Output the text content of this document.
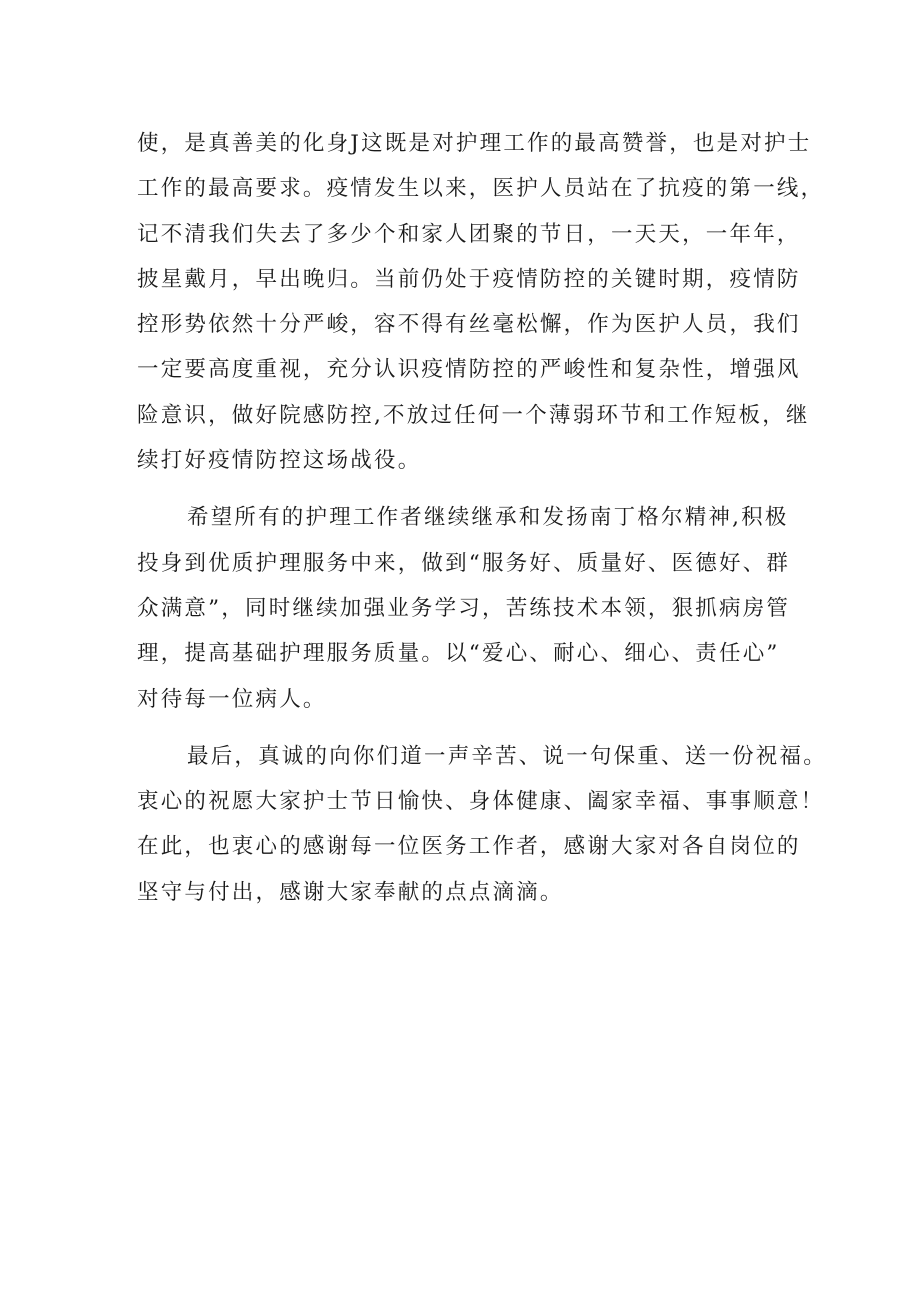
使，是真善美的化身J这既是对护理工作的最高赞誉，也是对护士
工作的最高要求。疫情发生以来，医护人员站在了抗疫的第一线，
记不清我们失去了多少个和家人团聚的节日，一天天，一年年，
披星戴月，早出晚归。当前仍处于疫情防控的关键时期，疫情防
控形势依然十分严峻，容不得有丝毫松懈，作为医护人员，我们
一定要高度重视，充分认识疫情防控的严峻性和复杂性，增强风
险意识，做好院感防控,不放过任何一个薄弱环节和工作短板，继
续打好疫情防控这场战役。
希望所有的护理工作者继续继承和发扬南丁格尔精神,积极
投身到优质护理服务中来，做到“服务好、质量好、医德好、群
众满意”，同时继续加强业务学习，苦练技术本领，狠抓病房管
理，提高基础护理服务质量。以“爱心、耐心、细心、责任心”
对待每一位病人。
最后，真诚的向你们道一声辛苦、说一句保重、送一份祝福。
衷心的祝愿大家护士节日愉快、身体健康、阖家幸福、事事顺意！
在此，也衷心的感谢每一位医务工作者，感谢大家对各自岗位的
坚守与付出，感谢大家奉献的点点滴滴。
